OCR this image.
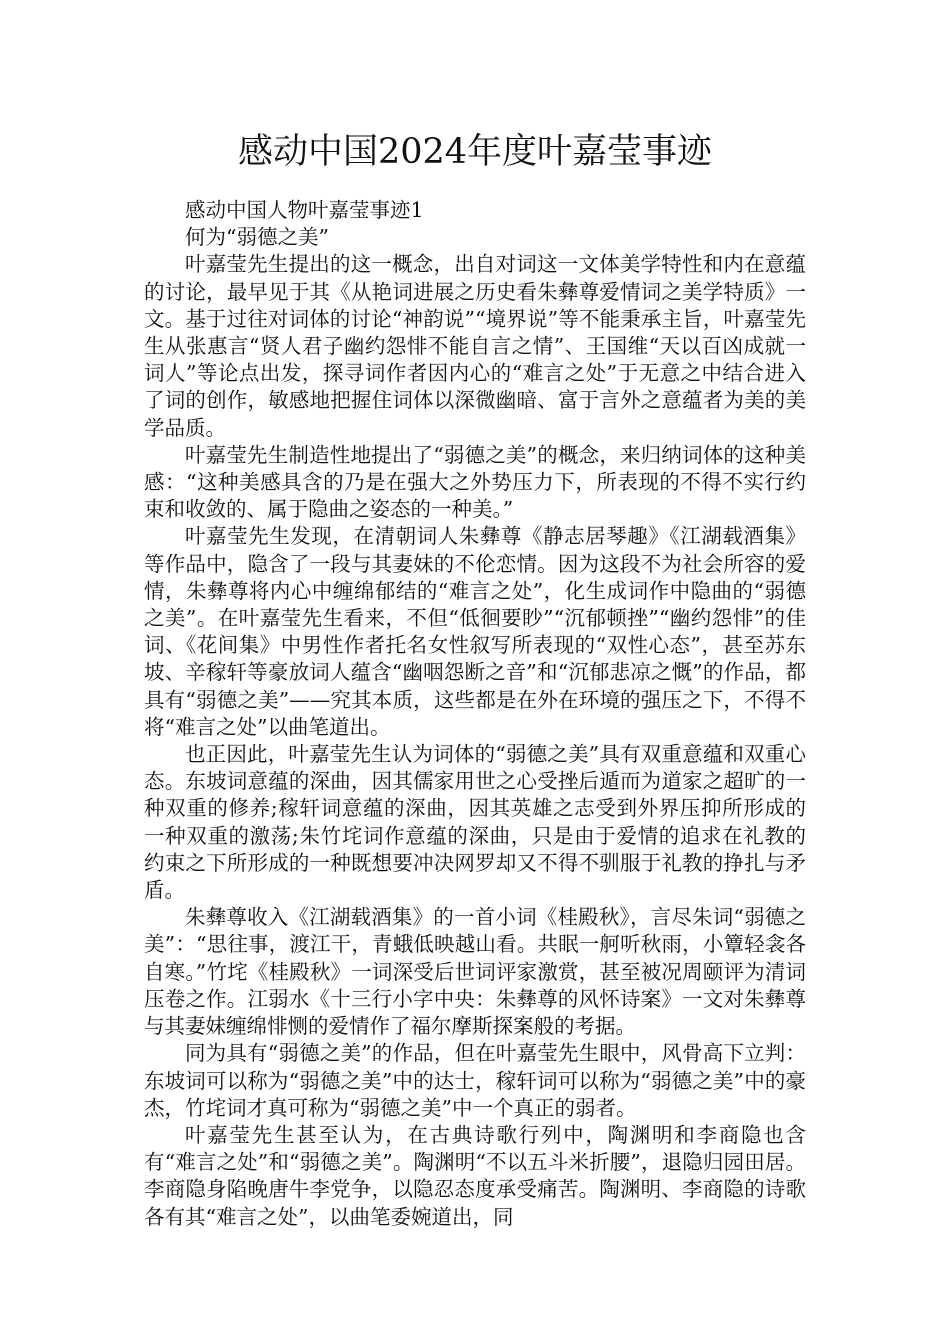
感动中国2024年度叶嘉莹事迹

感动中国人物叶嘉莹事迹1

何为“弱德之美”

叶嘉莹先生提出的这一概念，出自对词这一文体美学特性和内在意蕴的讨论，最早见于其《从艳词进展之历史看朱彝尊爱情词之美学特质》一文。基于过往对词体的讨论“神韵说”“境界说”等不能秉承主旨，叶嘉莹先生从张惠言“贤人君子幽约怨悱不能自言之情”、王国维“天以百凶成就一词人”等论点出发，探寻词作者因内心的“难言之处”于无意之中结合进入了词的创作，敏感地把握住词体以深微幽暗、富于言外之意蕴者为美的美学品质。

叶嘉莹先生制造性地提出了“弱德之美”的概念，来归纳词体的这种美感：“这种美感具含的乃是在强大之外势压力下，所表现的不得不实行约束和收敛的、属于隐曲之姿态的一种美。”

叶嘉莹先生发现，在清朝词人朱彝尊《静志居琴趣》《江湖载酒集》等作品中，隐含了一段与其妻妹的不伦恋情。因为这段不为社会所容的爱情，朱彝尊将内心中缠绵郁结的“难言之处”，化生成词作中隐曲的“弱德之美”。在叶嘉莹先生看来，不但“低徊要眇”“沉郁顿挫”“幽约怨悱”的佳词、《花间集》中男性作者托名女性叙写所表现的“双性心态”，甚至苏东坡、辛稼轩等豪放词人蕴含“幽咽怨断之音”和“沉郁悲凉之慨”的作品，都具有“弱德之美”——究其本质，这些都是在外在环境的强压之下，不得不将“难言之处”以曲笔道出。

也正因此，叶嘉莹先生认为词体的“弱德之美”具有双重意蕴和双重心态。东坡词意蕴的深曲，因其儒家用世之心受挫后遁而为道家之超旷的一种双重的修养;稼轩词意蕴的深曲，因其英雄之志受到外界压抑所形成的一种双重的激荡;朱竹垞词作意蕴的深曲，只是由于爱情的追求在礼教的约束之下所形成的一种既想要冲决网罗却又不得不驯服于礼教的挣扎与矛盾。

朱彝尊收入《江湖载酒集》的一首小词《桂殿秋》，言尽朱词“弱德之美”：“思往事，渡江干，青蛾低映越山看。共眠一舸听秋雨，小簟轻衾各自寒。”竹垞《桂殿秋》一词深受后世词评家激赏，甚至被况周颐评为清词压卷之作。江弱水《十三行小字中央：朱彝尊的风怀诗案》一文对朱彝尊与其妻妹缠绵悱恻的爱情作了福尔摩斯探案般的考据。

同为具有“弱德之美”的作品，但在叶嘉莹先生眼中，风骨高下立判：东坡词可以称为“弱德之美”中的达士，稼轩词可以称为“弱德之美”中的豪杰，竹垞词才真可称为“弱德之美”中一个真正的弱者。

叶嘉莹先生甚至认为，在古典诗歌行列中，陶渊明和李商隐也含有“难言之处”和“弱德之美”。陶渊明“不以五斗米折腰”，退隐归园田居。李商隐身陷晚唐牛李党争，以隐忍态度承受痛苦。陶渊明、李商隐的诗歌各有其“难言之处”，以曲笔委婉道出，同
